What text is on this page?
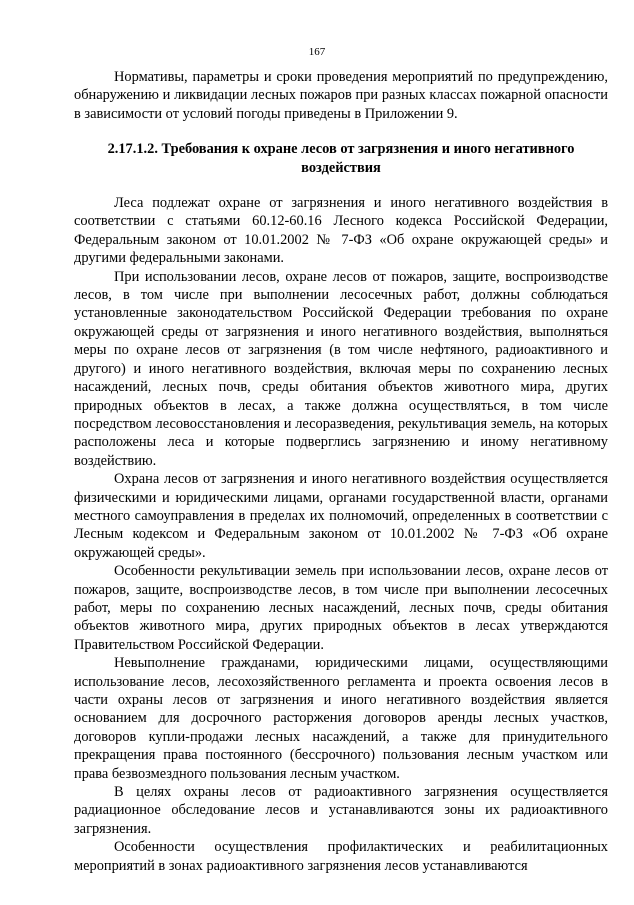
167

Нормативы, параметры и сроки проведения мероприятий по предупреждению, обнаружению и ликвидации лесных пожаров при разных классах пожарной опасности в зависимости от условий погоды приведены в Приложении 9.

2.17.1.2. Требования к охране лесов от загрязнения и иного негативного воздействия

Леса подлежат охране от загрязнения и иного негативного воздействия в соответствии с статьями 60.12-60.16 Лесного кодекса Российской Федерации, Федеральным законом от 10.01.2002 № 7-ФЗ «Об охране окружающей среды» и другими федеральными законами.

При использовании лесов, охране лесов от пожаров, защите, воспроизводстве лесов, в том числе при выполнении лесосечных работ, должны соблюдаться установленные законодательством Российской Федерации требования по охране окружающей среды от загрязнения и иного негативного воздействия, выполняться меры по охране лесов от загрязнения (в том числе нефтяного, радиоактивного и другого) и иного негативного воздействия, включая меры по сохранению лесных насаждений, лесных почв, среды обитания объектов животного мира, других природных объектов в лесах, а также должна осуществляться, в том числе посредством лесовосстановления и лесоразведения, рекультивация земель, на которых расположены леса и которые подверглись загрязнению и иному негативному воздействию.

Охрана лесов от загрязнения и иного негативного воздействия осуществляется физическими и юридическими лицами, органами государственной власти, органами местного самоуправления в пределах их полномочий, определенных в соответствии с Лесным кодексом и Федеральным законом от 10.01.2002 № 7-ФЗ «Об охране окружающей среды».

Особенности рекультивации земель при использовании лесов, охране лесов от пожаров, защите, воспроизводстве лесов, в том числе при выполнении лесосечных работ, меры по сохранению лесных насаждений, лесных почв, среды обитания объектов животного мира, других природных объектов в лесах утверждаются Правительством Российской Федерации.

Невыполнение гражданами, юридическими лицами, осуществляющими использование лесов, лесохозяйственного регламента и проекта освоения лесов в части охраны лесов от загрязнения и иного негативного воздействия является основанием для досрочного расторжения договоров аренды лесных участков, договоров купли-продажи лесных насаждений, а также для принудительного прекращения права постоянного (бессрочного) пользования лесным участком или права безвозмездного пользования лесным участком.

В целях охраны лесов от радиоактивного загрязнения осуществляется радиационное обследование лесов и устанавливаются зоны их радиоактивного загрязнения.

Особенности осуществления профилактических и реабилитационных мероприятий в зонах радиоактивного загрязнения лесов устанавливаются
